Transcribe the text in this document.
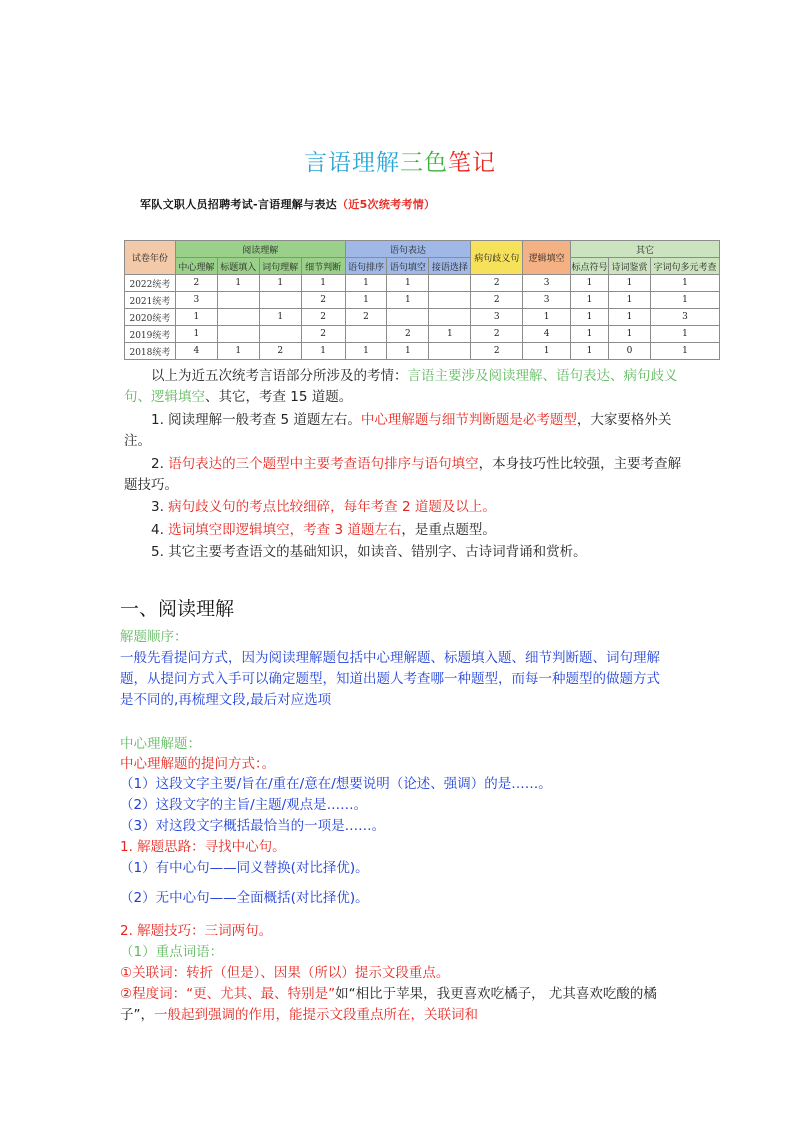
言语理解三色笔记
军队文职人员招聘考试-言语理解与表达（近5次统考考情）
试卷年份	阅读理解				语句表达			病句歧义句	逻辑填空	其它		
	中心理解	标题填入	词句理解	细节判断	语句排序	语句填空	接语选择			标点符号	诗词鉴赏	字词句多元考查
2022统考	2	1	1	1	1	1		2	3	1	1	1
2021统考	3			2	1	1		2	3	1	1	1
2020统考	1		1	2	2			3	1	1	1	3
2019统考	1			2		2	1	2	4	1	1	1
2018统考	4	1	2	1	1	1		2	1	1	0	1
以上为近五次统考言语部分所涉及的考情：言语主要涉及阅读理解、语句表达、病句歧义句、逻辑填空、其它，考查 15 道题。
1. 阅读理解一般考查 5 道题左右。中心理解题与细节判断题是必考题型，大家要格外关注。
2. 语句表达的三个题型中主要考查语句排序与语句填空，本身技巧性比较强，主要考查解题技巧。
3. 病句歧义句的考点比较细碎，每年考查 2 道题及以上。
4. 选词填空即逻辑填空，考查 3 道题左右，是重点题型。
5. 其它主要考查语文的基础知识，如读音、错别字、古诗词背诵和赏析。
一、阅读理解
解题顺序：
一般先看提问方式，因为阅读理解题包括中心理解题、标题填入题、细节判断题、词句理解题，从提问方式入手可以确定题型，知道出题人考查哪一种题型，而每一种题型的做题方式是不同的,再梳理文段,最后对应选项
中心理解题：
中心理解题的提问方式：。
（1）这段文字主要/旨在/重在/意在/想要说明（论述、强调）的是……。
（2）这段文字的主旨/主题/观点是……。
（3）对这段文字概括最恰当的一项是……。
1. 解题思路：寻找中心句。
（1）有中心句——同义替换(对比择优)。
（2）无中心句——全面概括(对比择优)。
2. 解题技巧：三词两句。
（1）重点词语：
①关联词：转折（但是）、因果（所以）提示文段重点。
②程度词：“更、尤其、最、特别是”如“相比于苹果，我更喜欢吃橘子， 尤其喜欢吃酸的橘子”，一般起到强调的作用，能提示文段重点所在，关联词和
